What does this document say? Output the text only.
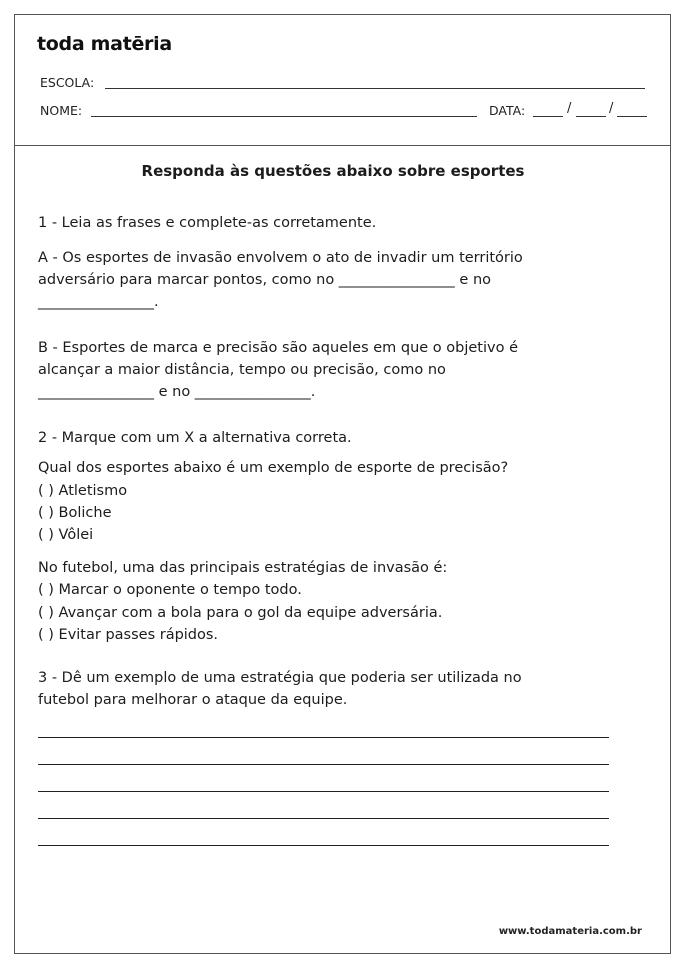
toda matēria
ESCOLA:
NOME:	DATA:	/	/
www.todamateria.com.br
Responda às questões abaixo sobre esportes
1 - Leia as frases e complete-as corretamente.
A - Os esportes de invasão envolvem o ato de invadir um território
adversário para marcar pontos, como no ________________ e no
________________.
B - Esportes de marca e precisão são aqueles em que o objetivo é
alcançar a maior distância, tempo ou precisão, como no
________________ e no ________________.
2 - Marque com um X a alternativa correta.
Qual dos esportes abaixo é um exemplo de esporte de precisão?
( ) Atletismo
( ) Boliche
( ) Vôlei
No futebol, uma das principais estratégias de invasão é:
( ) Marcar o oponente o tempo todo.
( ) Avançar com a bola para o gol da equipe adversária.
( ) Evitar passes rápidos.
3 - Dê um exemplo de uma estratégia que poderia ser utilizada no
futebol para melhorar o ataque da equipe.
